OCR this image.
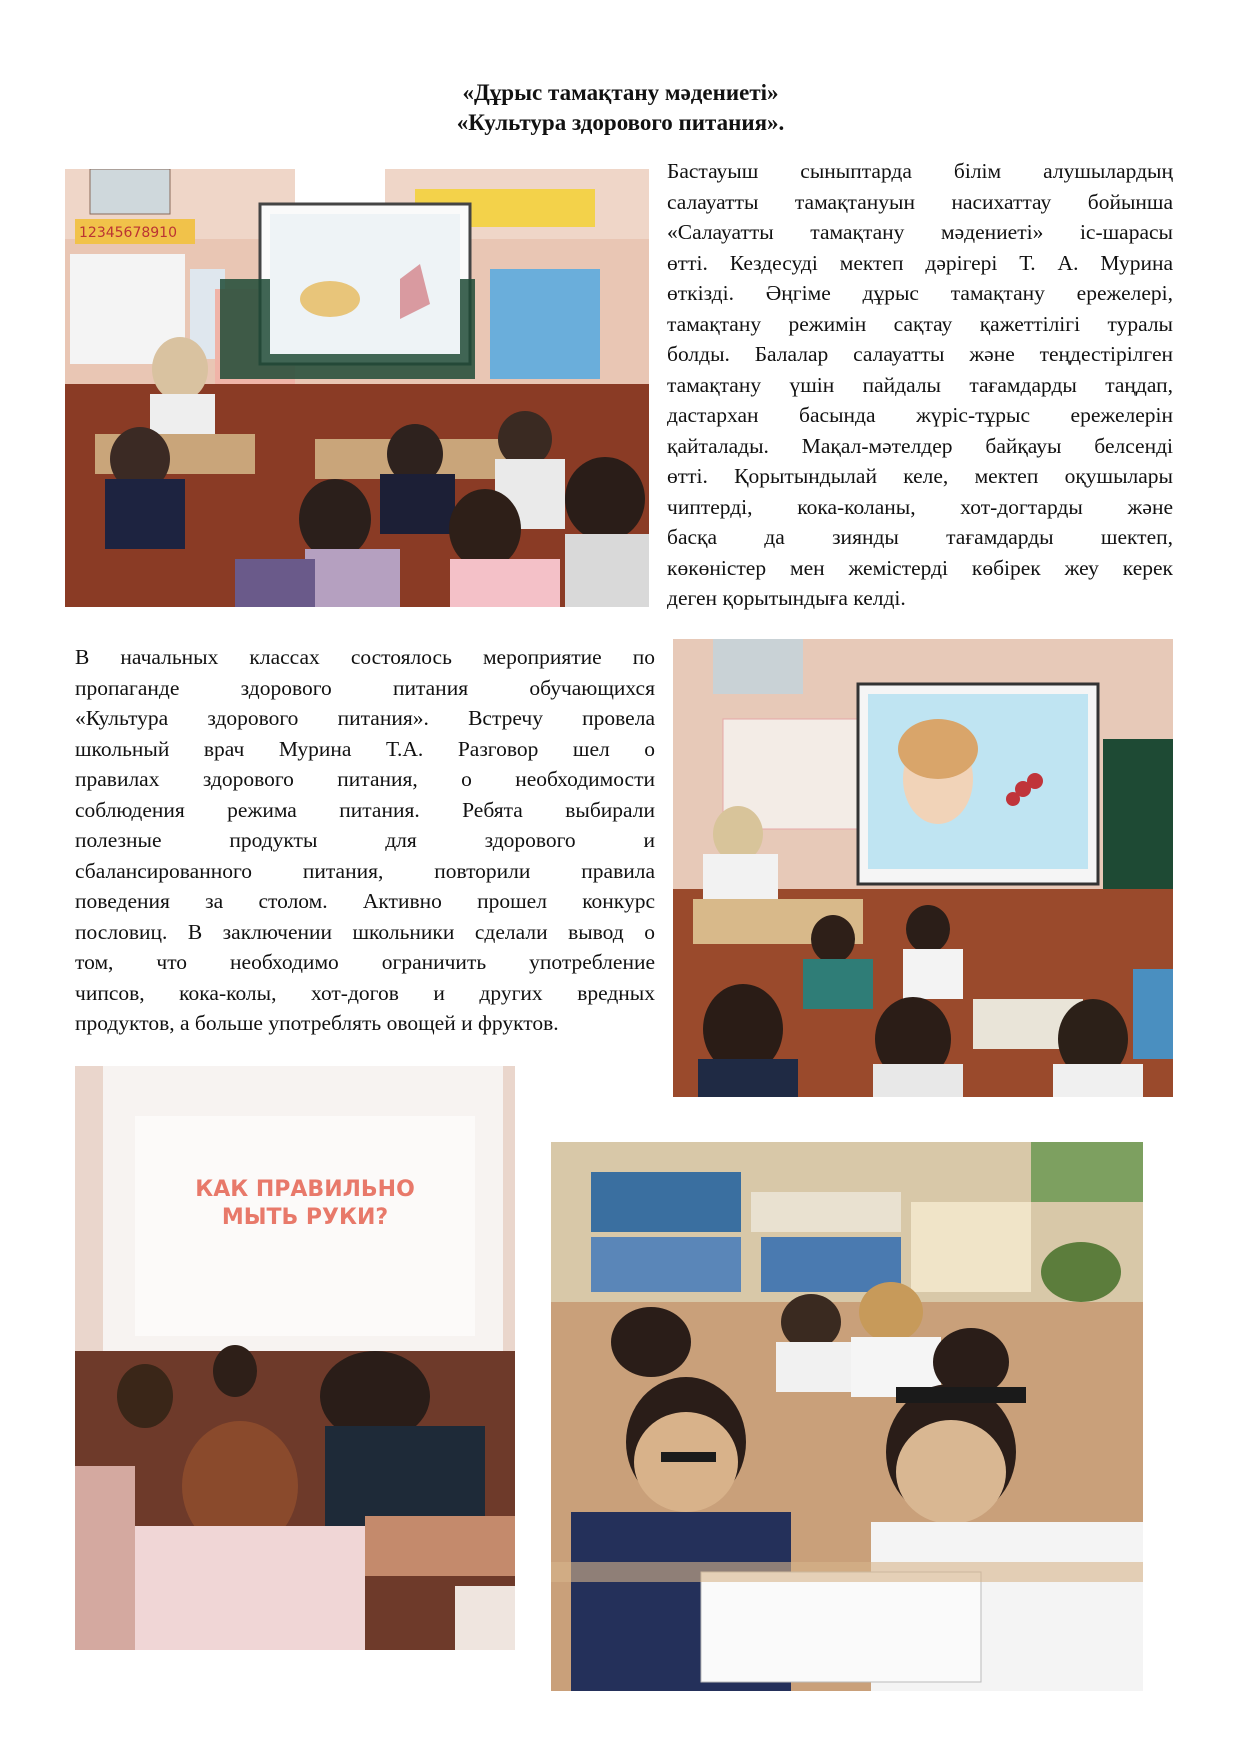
«Дұрыс тамақтану мәдениеті»
«Культура здорового питания».
12345678910

Бастауыш сыныптарда білім алушылардың
салауатты тамақтануын насихаттау бойынша
«Салауатты тамақтану мәдениеті» іс-шарасы
өтті. Кездесуді мектеп дәрігері Т. А. Мурина
өткізді. Әңгіме дұрыс тамақтану ережелері,
тамақтану режимін сақтау қажеттілігі туралы
болды. Балалар салауатты және теңдестірілген
тамақтану үшін пайдалы тағамдарды таңдап,
дастархан басында жүріс-тұрыс ережелерін
қайталады. Мақал-мәтелдер байқауы белсенді
өтті. Қорытындылай келе, мектеп оқушылары
чиптерді, кока-коланы, хот-догтарды және
басқа да зиянды тағамдарды шектеп,
көкөністер мен жемістерді көбірек жеу керек
деген қорытындыға келді.

В начальных классах состоялось мероприятие по
пропаганде здорового питания обучающихся
«Культура здорового питания». Встречу провела
школьный врач Мурина Т.А. Разговор шел о
правилах здорового питания, о необходимости
соблюдения режима питания. Ребята выбирали
полезные продукты для здорового и
сбалансированного питания, повторили правила
поведения за столом. Активно прошел конкурс
пословиц. В заключении школьники сделали вывод о
том, что необходимо ограничить употребление
чипсов, кока-колы, хот-догов и других вредных
продуктов, а больше употреблять овощей и фруктов.

КАК ПРАВИЛЬНО
МЫТЬ РУКИ?
